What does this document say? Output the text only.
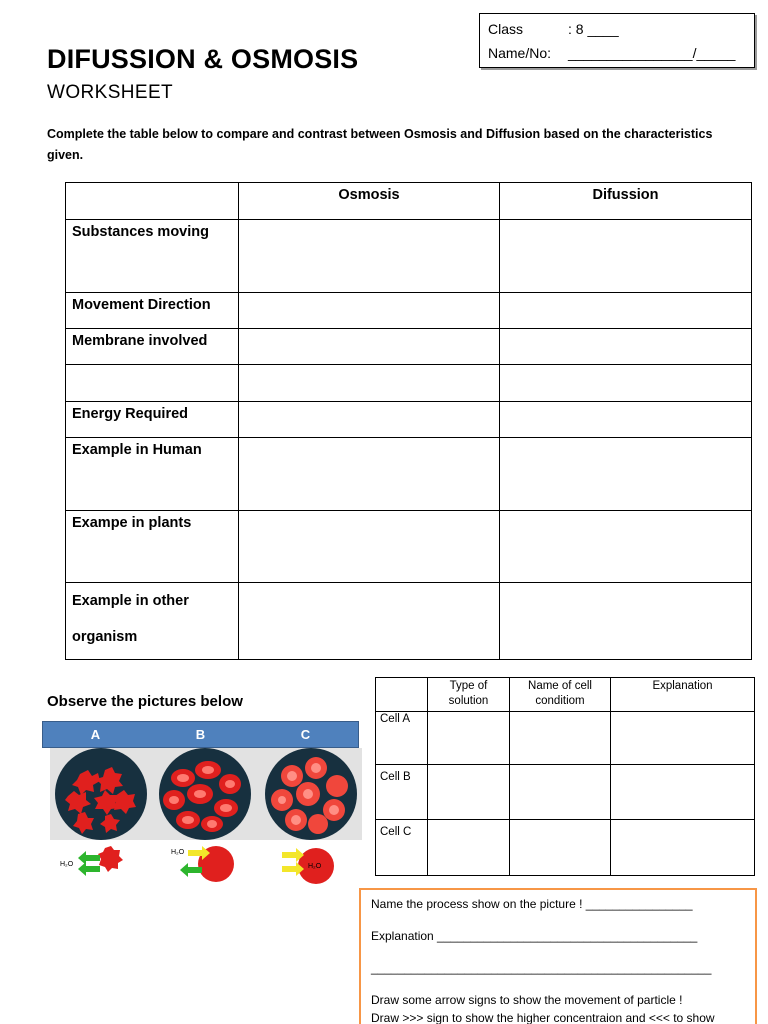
Class	: 8 ____
Name/No:	________________/_____
DIFUSSION & OSMOSIS
WORKSHEET
Complete the table below to compare and contrast between Osmosis and Diffusion based on the characteristics given.
	Osmosis	Difussion
Substances moving		
Movement Direction		
Membrane involved		

Energy Required		
Example in Human		
Exampe in plants		
Example in other organism		
Observe the pictures below
A	B	C
H₂O
H₂O
H₂O
	Type of solution	Name of cell conditiom	Explanation
Cell A			
Cell B			
Cell C			
Name the process show on the picture ! ________________
Explanation _______________________________________
___________________________________________________
Draw some arrow signs to show the movement of particle !
Draw >>> sign to show the higher concentraion and <<< to show
